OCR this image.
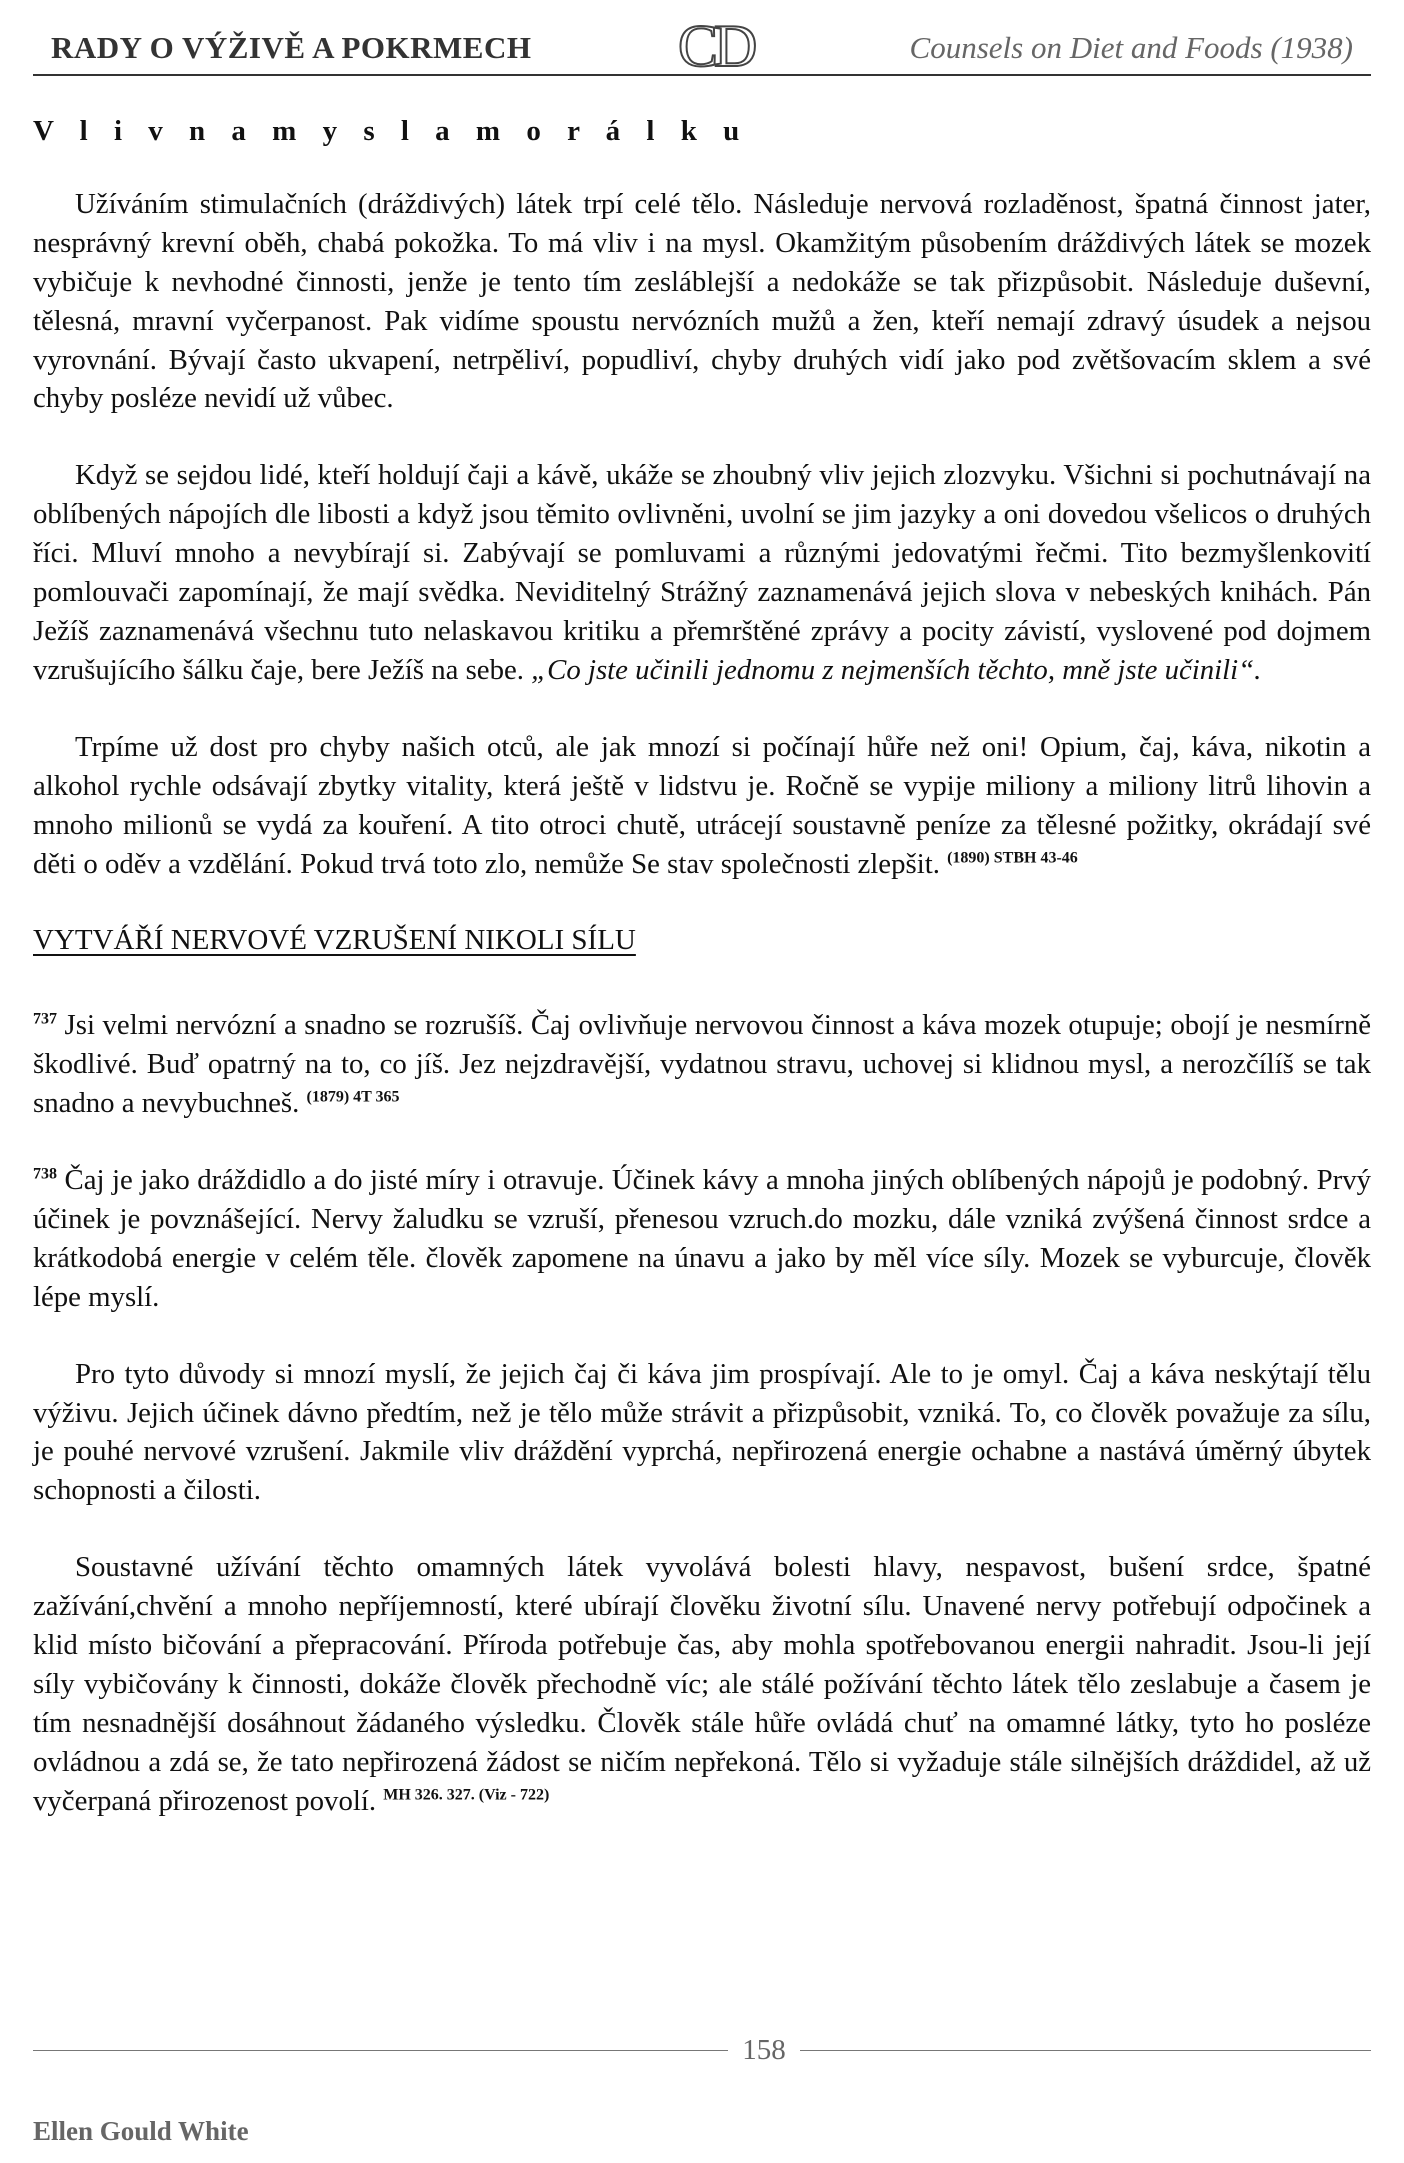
RADY O VÝŽIVĚ A POKRMECH CD	Counsels on Diet and Foods (1938)
V l i v n a m y s l a m o r á l k u

Užíváním stimulačních (dráždivých) látek trpí celé tělo. Následuje nervová rozladěnost, špatná činnost jater, nesprávný krevní oběh, chabá pokožka. To má vliv i na mysl. Okamžitým působením dráždivých látek se mozek vybičuje k nevhodné činnosti, jenže je tento tím zesláblejší a nedokáže se tak přizpůsobit. Následuje duševní, tělesná, mravní vyčerpanost. Pak vidíme spoustu nervózních mužů a žen, kteří nemají zdravý úsudek a nejsou vyrovnání. Bývají často ukvapení, netrpěliví, popudliví, chyby druhých vidí jako pod zvětšovacím sklem a své chyby posléze nevidí už vůbec.

Když se sejdou lidé, kteří holdují čaji a kávě, ukáže se zhoubný vliv jejich zlozvyku. Všichni si pochutnávají na oblíbených nápojích dle libosti a když jsou těmito ovlivněni, uvolní se jim jazyky a oni dovedou všelicos o druhých říci. Mluví mnoho a nevybírají si. Zabývají se pomluvami a různými jedovatými řečmi. Tito bezmyšlenkovití pomlouvači zapomínají, že mají svědka. Neviditelný Strážný zaznamenává jejich slova v nebeských knihách. Pán Ježíš zaznamenává všechnu tuto nelaskavou kritiku a přemrštěné zprávy a pocity závistí, vyslovené pod dojmem vzrušujícího šálku čaje, bere Ježíš na sebe. „Co jste učinili jednomu z nejmenších těchto, mně jste učinili“.

Trpíme už dost pro chyby našich otců, ale jak mnozí si počínají hůře než oni! Opium, čaj, káva, nikotin a alkohol rychle odsávají zbytky vitality, která ještě v lidstvu je. Ročně se vypije miliony a miliony litrů lihovin a mnoho milionů se vydá za kouření. A tito otroci chutě, utrácejí soustavně peníze za tělesné požitky, okrádají své děti o oděv a vzdělání. Pokud trvá toto zlo, nemůže Se stav společnosti zlepšit. $^{(1890) STBH 43-46}$

VYTVÁŘÍ NERVOVÉ VZRUŠENÍ NIKOLI SÍLU

$^{737}$ Jsi velmi nervózní a snadno se rozrušíš. Čaj ovlivňuje nervovou činnost a káva mozek otupuje; obojí je nesmírně škodlivé. Buď opatrný na to, co jíš. Jez nejzdravější, vydatnou stravu, uchovej si klidnou mysl, a nerozčílíš se tak snadno a nevybuchneš. $^{(1879) 4T 365}$

$^{738}$ Čaj je jako dráždidlo a do jisté míry i otravuje. Účinek kávy a mnoha jiných oblíbených nápojů je podobný. Prvý účinek je povznášející. Nervy žaludku se vzruší, přenesou vzruch.do mozku, dále vzniká zvýšená činnost srdce a krátkodobá energie v celém těle. člověk zapomene na únavu a jako by měl více síly. Mozek se vyburcuje, člověk lépe myslí.

Pro tyto důvody si mnozí myslí, že jejich čaj či káva jim prospívají. Ale to je omyl. Čaj a káva neskýtají tělu výživu. Jejich účinek dávno předtím, než je tělo může strávit a přizpůsobit, vzniká. To, co člověk považuje za sílu, je pouhé nervové vzrušení. Jakmile vliv dráždění vyprchá, nepřirozená energie ochabne a nastává úměrný úbytek schopnosti a čilosti.

Soustavné užívání těchto omamných látek vyvolává bolesti hlavy, nespavost, bušení srdce, špatné zažívání,chvění a mnoho nepříjemností, které ubírají člověku životní sílu. Unavené nervy potřebují odpočinek a klid místo bičování a přepracování. Příroda potřebuje čas, aby mohla spotřebovanou energii nahradit. Jsou-li její síly vybičovány k činnosti, dokáže člověk přechodně víc; ale stálé požívání těchto látek tělo zeslabuje a časem je tím nesnadnější dosáhnout žádaného výsledku. Člověk stále hůře ovládá chuť na omamné látky, tyto ho posléze ovládnou a zdá se, že tato nepřirozená žádost se ničím nepřekoná. Tělo si vyžaduje stále silnějších dráždidel, až už vyčerpaná přirozenost povolí. $^{MH 326. 327. (Viz - 722)}$

158
Ellen Gould White
